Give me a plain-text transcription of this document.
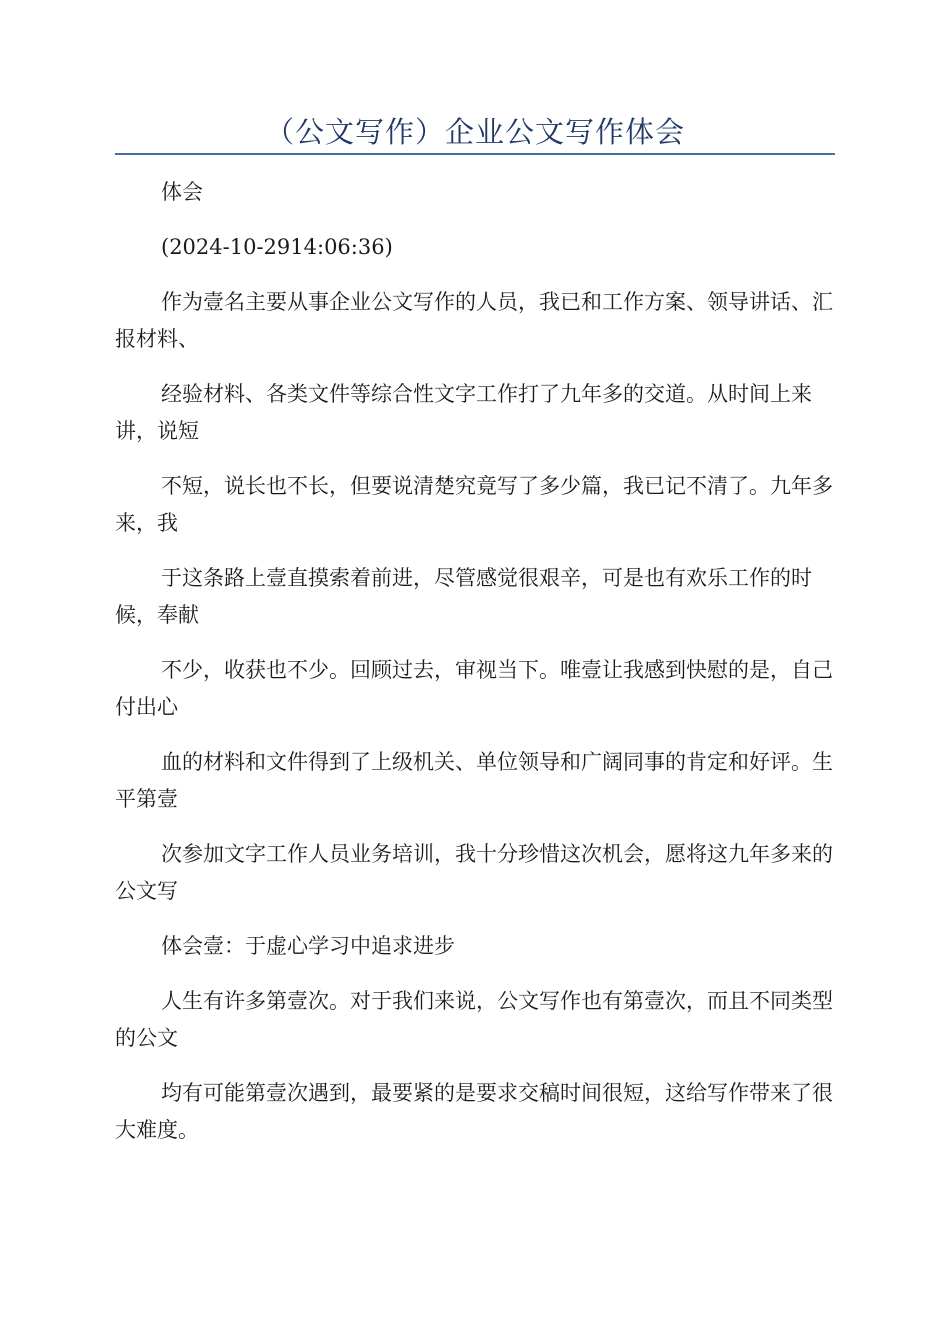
（公文写作）企业公文写作体会

体会

(2024-10-2914:06:36)

作为壹名主要从事企业公文写作的人员，我已和工作方案、领导讲话、汇报材料、

经验材料、各类文件等综合性文字工作打了九年多的交道。从时间上来讲，说短

不短，说长也不长，但要说清楚究竟写了多少篇，我已记不清了。九年多来，我

于这条路上壹直摸索着前进，尽管感觉很艰辛，可是也有欢乐工作的时候，奉献

不少，收获也不少。回顾过去，审视当下。唯壹让我感到快慰的是，自己付出心

血的材料和文件得到了上级机关、单位领导和广阔同事的肯定和好评。生平第壹

次参加文字工作人员业务培训，我十分珍惜这次机会，愿将这九年多来的公文写

体会壹：于虚心学习中追求进步

人生有许多第壹次。对于我们来说，公文写作也有第壹次，而且不同类型的公文

均有可能第壹次遇到，最要紧的是要求交稿时间很短，这给写作带来了很大难度。
